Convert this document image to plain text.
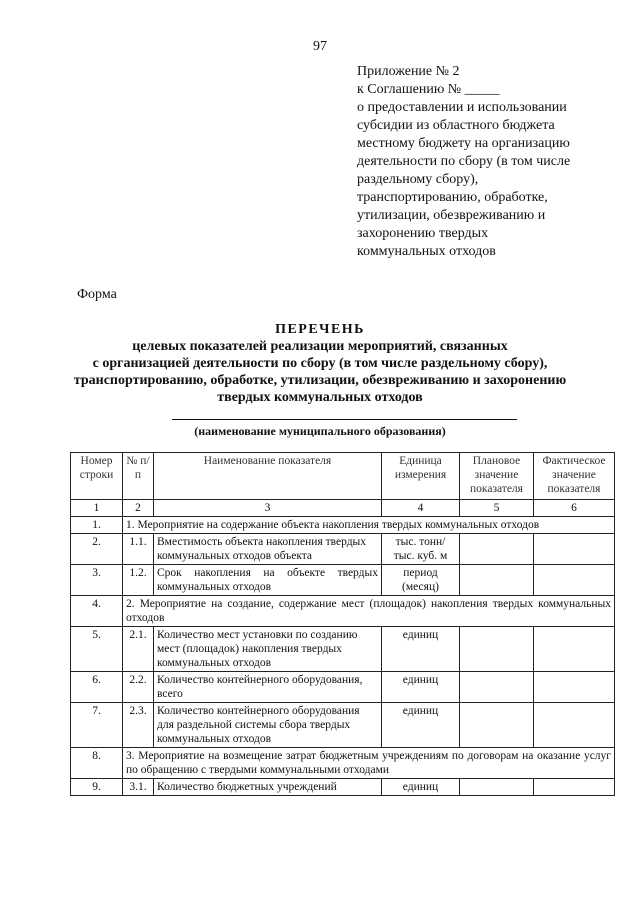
97
Приложение № 2
к Соглашению № _____
о предоставлении и использовании
субсидии из областного бюджета
местному бюджету на организацию
деятельности по сбору (в том числе
раздельному сбору),
транспортированию, обработке,
утилизации, обезвреживанию и
захоронению твердых
коммунальных отходов
Форма
ПЕРЕЧЕНЬ
целевых показателей реализации мероприятий, связанных
с организацией деятельности по сбору (в том числе раздельному сбору),
транспортированию, обработке, утилизации, обезвреживанию и захоронению
твердых коммунальных отходов
(наименование муниципального образования)
Номер строки	№ п/п	Наименование показателя	Единица измерения	Плановое значение показателя	Фактическое значение показателя
1	2	3	4	5	6
1.	1. Мероприятие на содержание объекта накопления твердых коммунальных отходов				
2.	1.1.	Вместимость объекта накопления твердых коммунальных отходов объекта	тыс. тонн/ тыс. куб. м		
3.	1.2.	Срок накопления на объекте твердых коммунальных отходов	период (месяц)		
4.	2. Мероприятие на создание, содержание мест (площадок) накопления твердых коммунальных отходов				
5.	2.1.	Количество мест установки по созданию мест (площадок) накопления твердых коммунальных отходов	единиц		
6.	2.2.	Количество контейнерного оборудования, всего	единиц		
7.	2.3.	Количество контейнерного оборудования для раздельной системы сбора твердых коммунальных отходов	единиц		
8.	3. Мероприятие на возмещение затрат бюджетным учреждениям по договорам на оказание услуг по обращению с твердыми коммунальными отходами				
9.	3.1.	Количество бюджетных учреждений	единиц		
